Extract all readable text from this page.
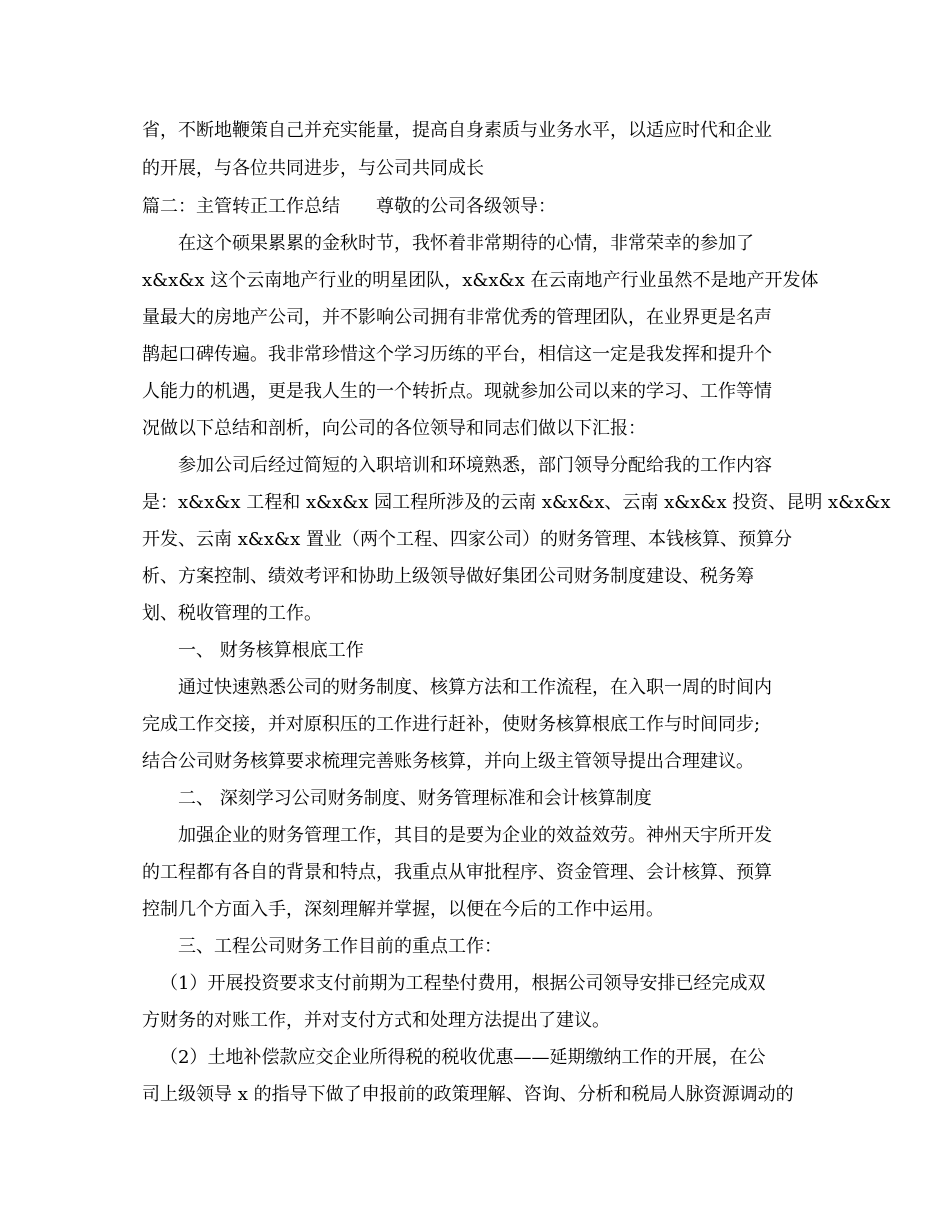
省，不断地鞭策自己并充实能量，提高自身素质与业务水平，以适应时代和企业
的开展，与各位共同进步，与公司共同成长
篇二：主管转正工作总结　　尊敬的公司各级领导：
在这个硕果累累的金秋时节，我怀着非常期待的心情，非常荣幸的参加了
x&x&x 这个云南地产行业的明星团队，x&x&x 在云南地产行业虽然不是地产开发体
量最大的房地产公司，并不影响公司拥有非常优秀的管理团队，在业界更是名声
鹊起口碑传遍。我非常珍惜这个学习历练的平台，相信这一定是我发挥和提升个
人能力的机遇，更是我人生的一个转折点。现就参加公司以来的学习、工作等情
况做以下总结和剖析，向公司的各位领导和同志们做以下汇报：
参加公司后经过简短的入职培训和环境熟悉，部门领导分配给我的工作内容
是：x&x&x 工程和 x&x&x 园工程所涉及的云南 x&x&x、云南 x&x&x 投资、昆明 x&x&x
开发、云南 x&x&x 置业（两个工程、四家公司）的财务管理、本钱核算、预算分
析、方案控制、绩效考评和协助上级领导做好集团公司财务制度建设、税务筹
划、税收管理的工作。
一、 财务核算根底工作
通过快速熟悉公司的财务制度、核算方法和工作流程，在入职一周的时间内
完成工作交接，并对原积压的工作进行赶补，使财务核算根底工作与时间同步;
结合公司财务核算要求梳理完善账务核算，并向上级主管领导提出合理建议。
二、 深刻学习公司财务制度、财务管理标准和会计核算制度
加强企业的财务管理工作，其目的是要为企业的效益效劳。神州天宇所开发
的工程都有各自的背景和特点，我重点从审批程序、资金管理、会计核算、预算
控制几个方面入手，深刻理解并掌握，以便在今后的工作中运用。
三、工程公司财务工作目前的重点工作：
（1）开展投资要求支付前期为工程垫付费用，根据公司领导安排已经完成双
方财务的对账工作，并对支付方式和处理方法提出了建议。
（2）土地补偿款应交企业所得税的税收优惠——延期缴纳工作的开展，在公
司上级领导 x 的指导下做了申报前的政策理解、咨询、分析和税局人脉资源调动的
